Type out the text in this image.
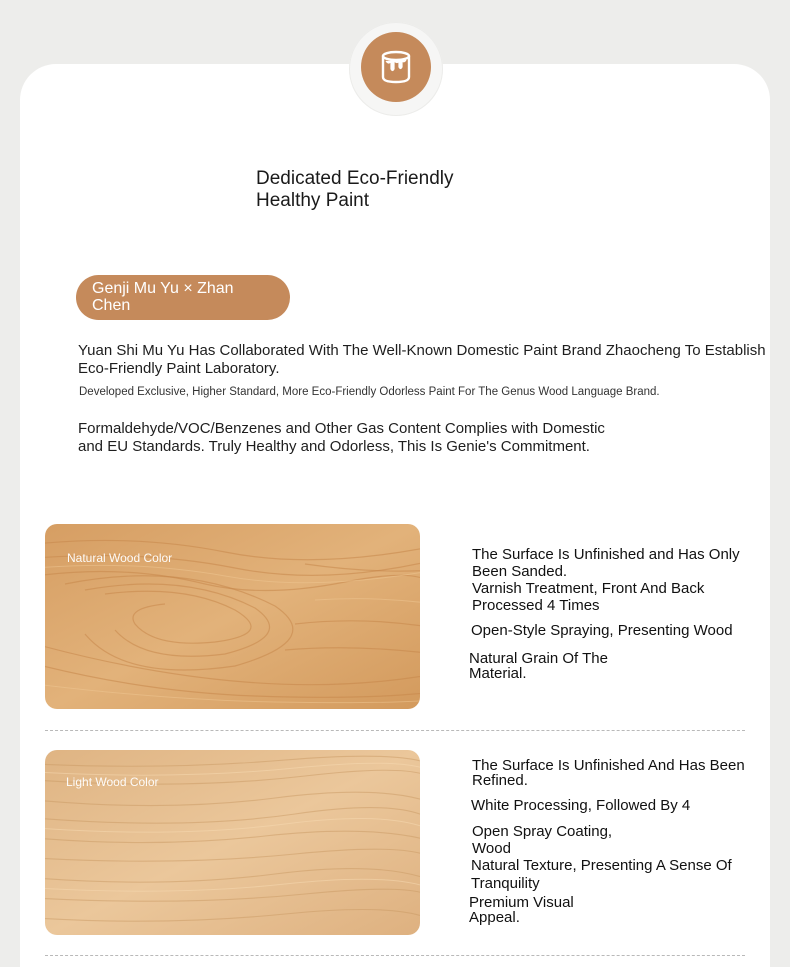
Dedicated Eco-Friendly
Healthy Paint
Genji Mu Yu × Zhan
Chen
Yuan Shi Mu Yu Has Collaborated With The Well-Known Domestic Paint Brand Zhaocheng To Establish
Eco-Friendly Paint Laboratory.
Developed Exclusive, Higher Standard, More Eco-Friendly Odorless Paint For The Genus Wood Language Brand.
Formaldehyde/VOC/Benzenes and Other Gas Content Complies with Domestic
and EU Standards. Truly Healthy and Odorless, This Is Genie's Commitment.
Natural Wood Color	The Surface Is Unfinished and Has Only
Been Sanded.
Varnish Treatment, Front And Back
Processed 4 Times
Open-Style Spraying, Presenting Wood
Natural Grain Of The
Material.
Light Wood Color
The Surface Is Unfinished And Has Been
Refined.
White Processing, Followed By 4
Open Spray Coating,
Wood
Natural Texture, Presenting A Sense Of
Tranquility
Premium Visual
Appeal.
